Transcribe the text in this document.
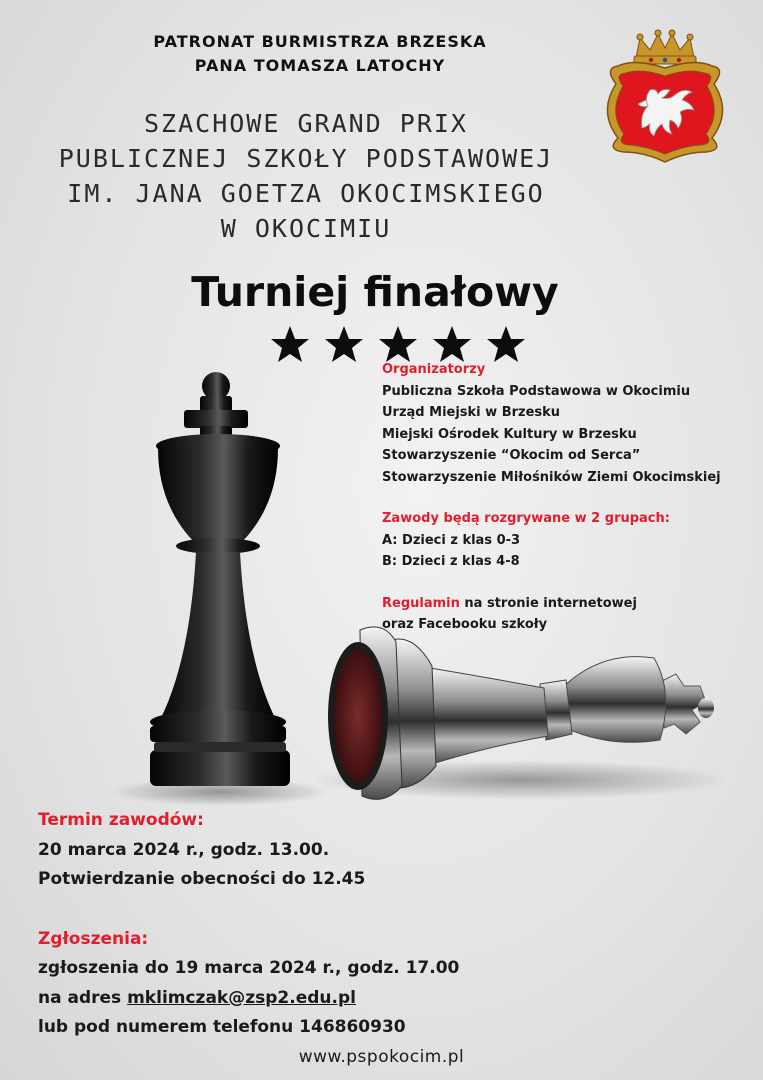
PATRONAT BURMISTRZA BRZESKA
PANA TOMASZA LATOCHY
SZACHOWE GRAND PRIX
PUBLICZNEJ SZKOŁY PODSTAWOWEJ
IM. JANA GOETZA OKOCIMSKIEGO
W OKOCIMIU
Turniej finałowy
Organizatorzy
Publiczna Szkoła Podstawowa w Okocimiu
Urząd Miejski w Brzesku
Miejski Ośrodek Kultury w Brzesku
Stowarzyszenie “Okocim od Serca”
Stowarzyszenie Miłośników Ziemi Okocimskiej
Zawody będą rozgrywane w 2 grupach:
A: Dzieci z klas 0-3
B: Dzieci z klas 4-8
Regulamin na stronie internetowej
oraz Facebooku szkoły
Termin zawodów:
20 marca 2024 r., godz. 13.00.
Potwierdzanie obecności do 12.45
Zgłoszenia:
zgłoszenia do 19 marca 2024 r., godz. 17.00
na adres mklimczak@zsp2.edu.pl
lub pod numerem telefonu 146860930
www.pspokocim.pl
